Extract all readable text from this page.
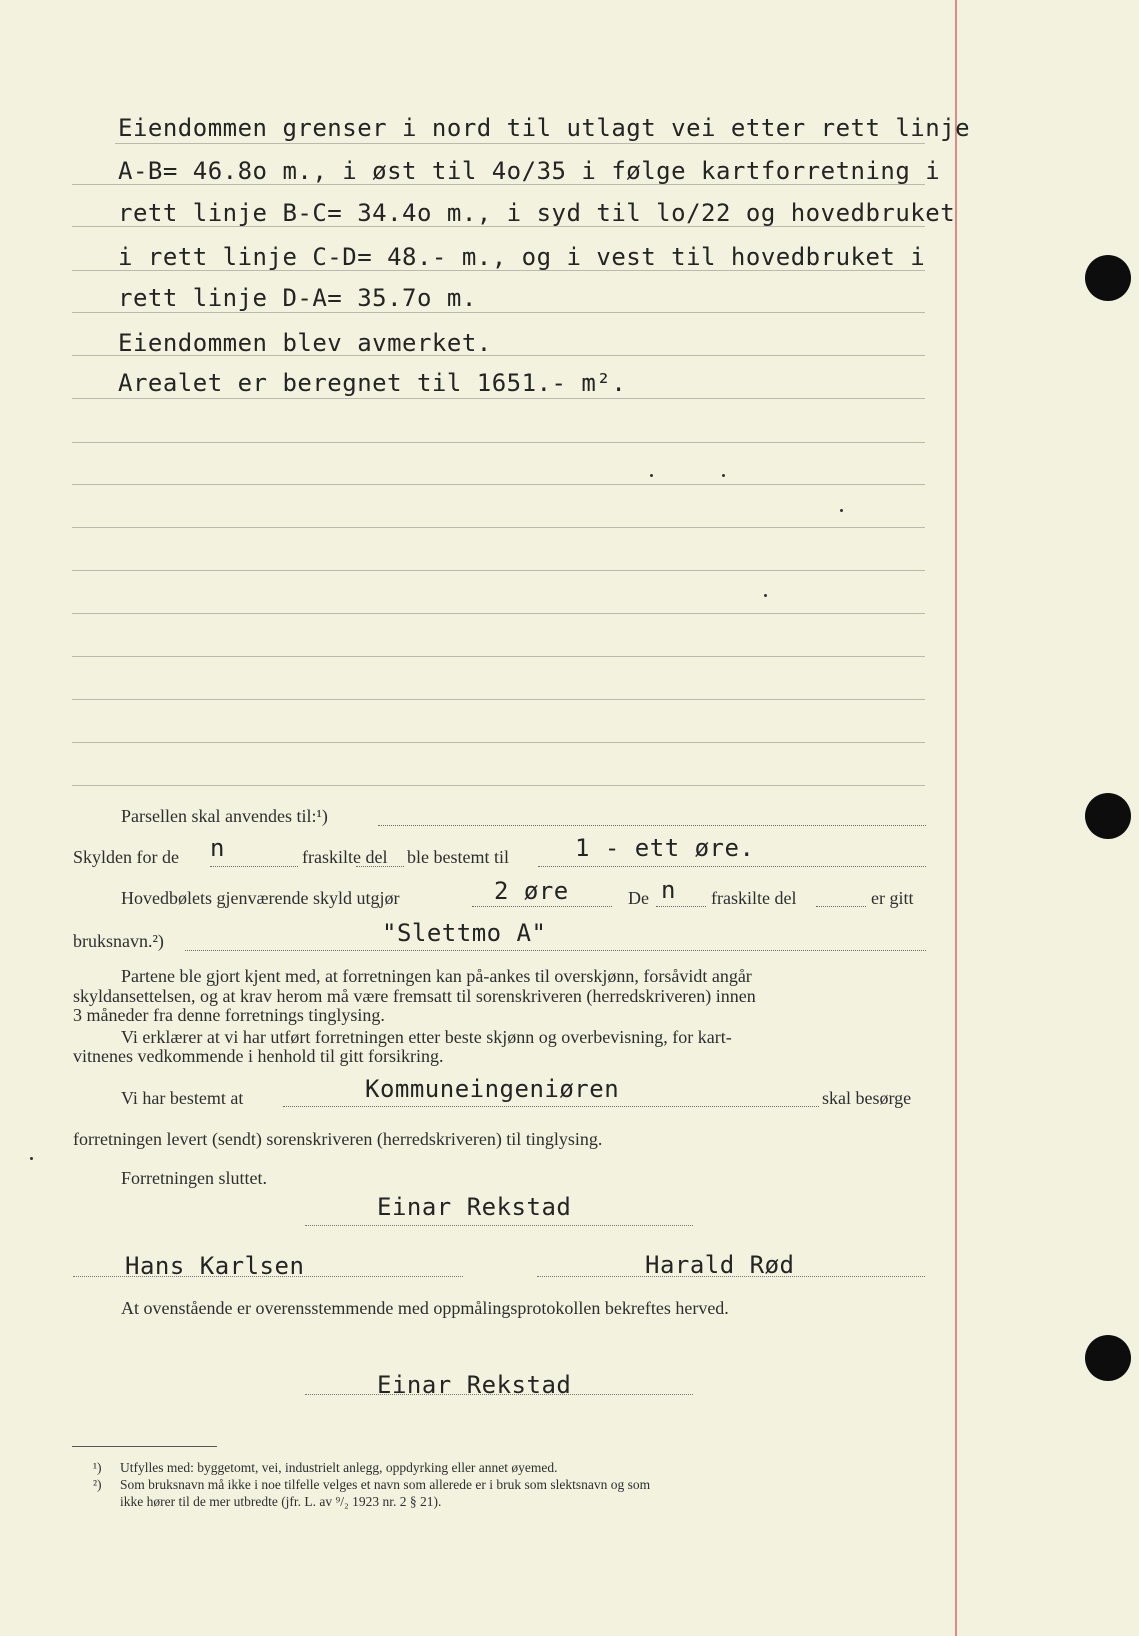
Eiendommen grenser i nord til utlagt vei etter rett linje
A-B= 46.8o m., i øst til 4o/35 i følge kartforretning i
rett linje B-C= 34.4o m., i syd til lo/22 og hovedbruket
i rett linje C-D= 48.- m., og i vest til hovedbruket i
rett linje D-A= 35.7o m.
Eiendommen blev avmerket.
Arealet er beregnet til 1651.- m².
Parsellen skal anvendes til:¹)
Skylden for de n	fraskilte del ble bestemt til	1 - ett øre.
Hovedbølets gjenværende skyld utgjør	2 øre	De n fraskilte del	er gitt
bruksnavn.²)	"Slettmo A"
Partene ble gjort kjent med, at forretningen kan på-ankes til overskjønn, forsåvidt angår
skyldansettelsen, og at krav herom må være fremsatt til sorenskriveren (herredskriveren) innen
3 måneder fra denne forretnings tinglysing.
Vi erklærer at vi har utført forretningen etter beste skjønn og overbevisning, for kart-
vitnenes vedkommende i henhold til gitt forsikring.
Vi har bestemt at	Kommuneingeniøren	skal besørge
forretningen levert (sendt) sorenskriveren (herredskriveren) til tinglysing.
Forretningen sluttet.
Einar Rekstad
Hans Karlsen	Harald Rød
At ovenstående er overensstemmende med oppmålingsprotokollen bekreftes herved.
Einar Rekstad
¹) Utfylles med: byggetomt, vei, industrielt anlegg, oppdyrking eller annet øyemed.
²) Som bruksnavn må ikke i noe tilfelle velges et navn som allerede er i bruk som slektsnavn og som
ikke hører til de mer utbredte (jfr. L. av ⁹/₂ 1923 nr. 2 § 21).
